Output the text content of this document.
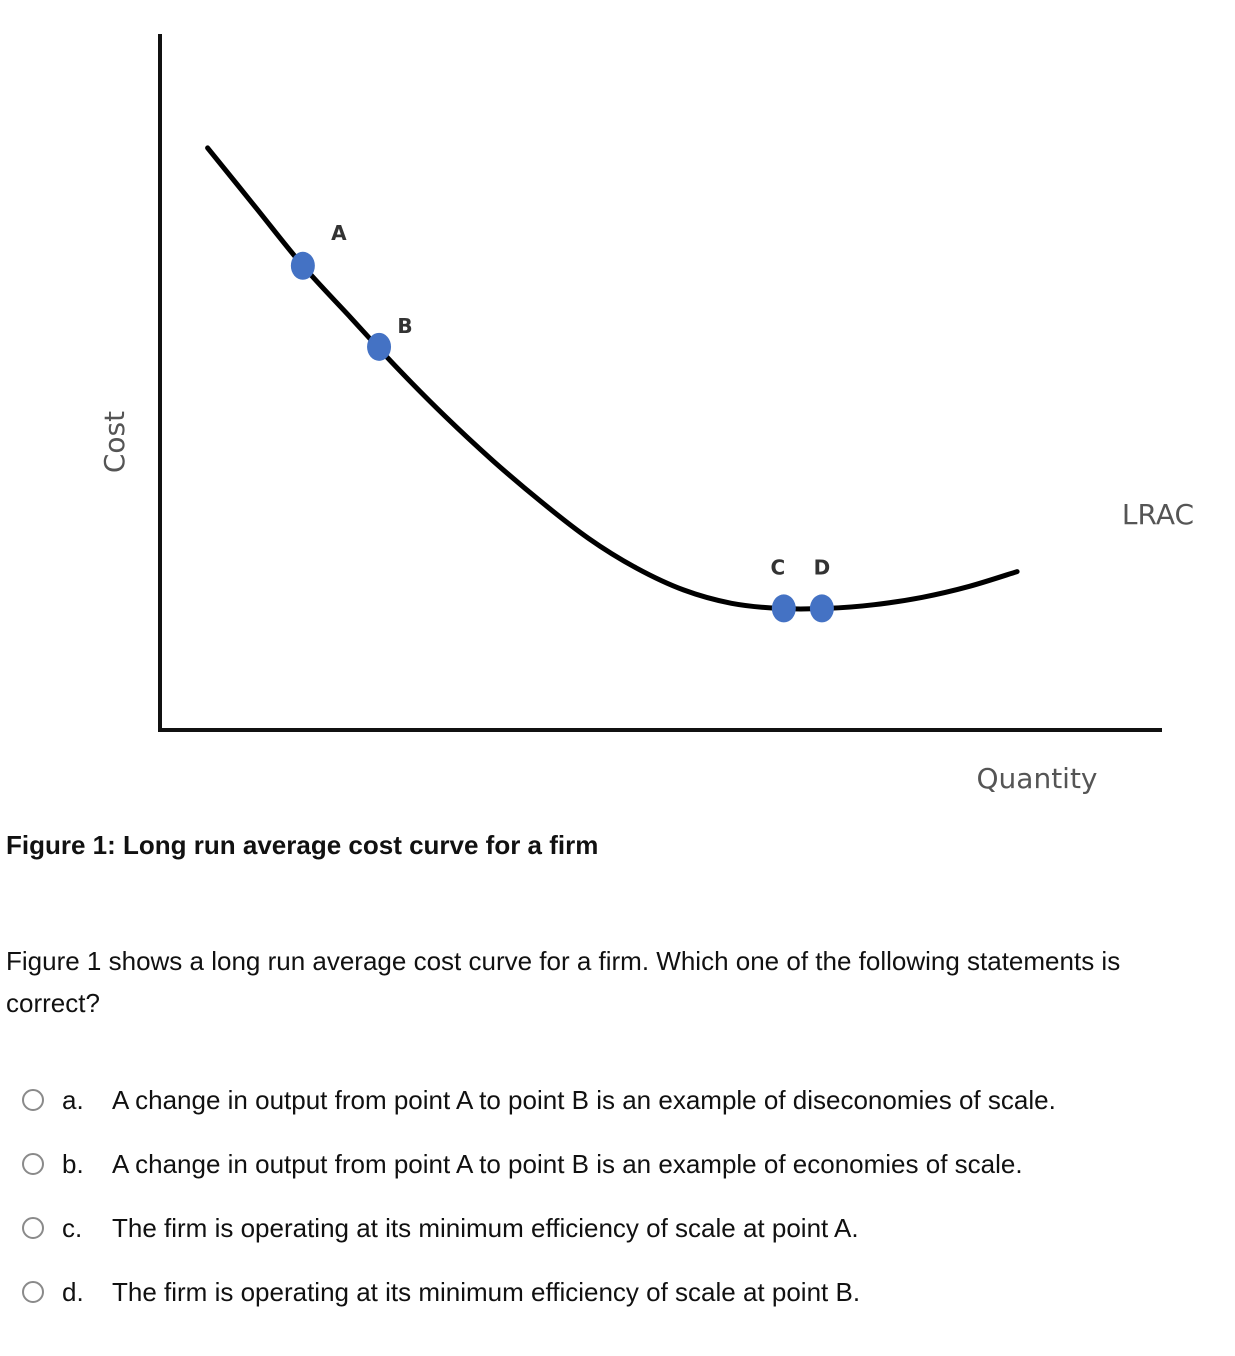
Cost
Quantity
LRAC
A
B
C D
Figure 1: Long run average cost curve for a firm
Figure 1 shows a long run average cost curve for a firm. Which one of the following statements is correct?
a.	A change in output from point A to point B is an example of diseconomies of scale.
b.	A change in output from point A to point B is an example of economies of scale.
c.	The firm is operating at its minimum efficiency of scale at point A.
d.	The firm is operating at its minimum efficiency of scale at point B.
